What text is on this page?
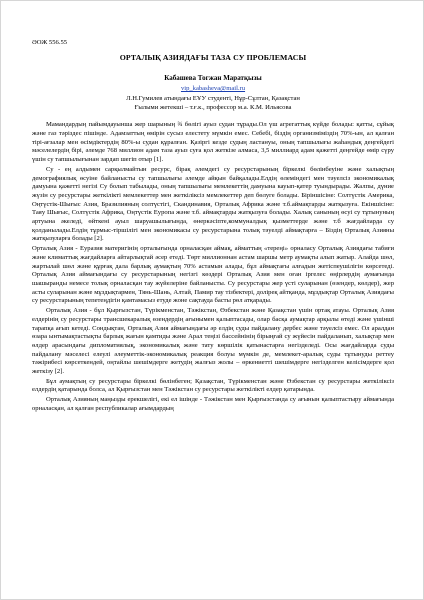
ӘОЖ 556.55
ОРТАЛЫҚ АЗИЯДАҒЫ ТАЗА СУ ПРОБЛЕМАСЫ
Кабашева Тогжан Маратқызы
vip_kabasheva@mail.ru
Л.Н.Гумилев атындағы ЕҰУ студенті, Нұр-Сұлтан, Қазақстан
Ғылыми жетекші – т.ғ.к., профессор м.а. К.М. Ильясова

Мамандардың пайымдауынша жер шарының ¾ бөлігі ауыз судан тұрады.Ол үш агрегаттық күйде болады: қатты, сұйық және газ тәріздес пішінде. Адамзаттың өмірін сусыз елестету мүмкін емес. Себебі, біздің организміміздің 70%-ын, ал қалған тірі-ағзалар мен өсімдіктердің 80%-ы судан құралған. Қазіргі кезде судың ластануы, оның тапшылығы жаһандық деңгейдегі мәселелердің бірі, әлемде 768 миллион адам таза ауыз суға қол жеткізе алмаса, 3,5 миллиард адам қажетті деңгейде өмір сүру үшін су тапшылығынан зардап шегіп отыр [1].

Су - ең алдымен сарқылмайтын ресурс, бірақ әлемдегі су ресурстарының біркелкі бөлінбеуіне және халықтың демографиялық өсуіне байланысты су тапшылығы әлемде айқын байқалады.Елдің өлеміндегі мен тәуелсіз экономикалық дамуына қажетті негізі Су болып табылады, оның тапшылығы мемлекеттің дамуына кауып-қатер туындырады. Жалпы, дүние жүзін су ресурстары жеткілікті мемлекеттер мен жеткіліксіз мемлекеттер деп бөлуге болады. Біріншісіне: Солтүстік Америка, Оңтүстік-Шығыс Азия, Бразилияның солтүстігі, Скандинавия, Орталық Африка және т.б.аймақтарды жатқызуға. Екіншісіне: Таяу Шығыс, Солтүстік Африка, Оңтүстік Еуропа және т.б. аймақтарды жатқызуға болады. Халық санының өсуі су тұтынуның артуына әкеледі, өйткені ауыл шаруашылығында, өнеркәсіпте,коммуналдық қызметтерде және т.б жағдайларда су қолданылады.Елдің тұрмыс-тіршілігі мен экономикасы су ресурстарына толық тәуелді аймақтарға – Біздің Орталық Азияны жатқызуларға болады [2].

Орталық Азия - Еуразия материгінің орталығында орналасқан аймақ, айматтың «тереңі» орналасу Орталық Азиядағы табиғи және климаттық жағдайларға айтарлықтай әсер етеді. Төрт миллионнан астам шаршы метр аумақты алып жатыр. Алайда шөл, жартылай шөл және құрғақ дала барлық аумақтың 70% астамын алады, бұл аймақтағы алғадын жетіспеушілігін көрсетеді. Орталық Азия аймағындағы су ресурстарының негізгі көздері Орталық Азия мен оған іргелес өңірлердің аумағында шашыранды немесе толық орналасқан тау жүйелеріне байланысты. Су ресурстары жер үсті суларынан (өзендер, көлдер), жер асты суларынан және мұздықтармен, Тянь-Шань, Алтай, Памир тау тізбектері, доліреқ айтқанда, мұздықтар Орталық Азиядағы су ресурстарының тепетеңдігін қамтамасыз етуде жоне сақтауда басты рөл атқарады.

Орталық Азия - бұл Қырғызстан, Түрікменстан, Тәжікстан, Өзбекстан және Қазақстан үшін ортақ атауы. Орталық Азия елдерінің су ресурстары трансшекаралық өзендердің ағынымен қалыптасады, олар басқа аумақтар арқылы өтеді және үшінші тарапқа ағып кетеді. Сондықтан, Орталық Азия аймағындағы әр елдің суды пайдалану дербес және тәуелсіз емес. Ол аралдан өзара ынтымақтастықты барлық жағын қамтиды және Арал теңізі бассейнінің бірыңғай су жүйесін пайдаланып, халықтар мен өлдер арасындағы дипломатиялық, экономикалық және тату көршілік қатынастарға негізделеді. Осы жағдайларда суды пайдалану мәселесі елеулі әлеуметтік-экономикалық реакция болуы мүмкін де, мемлекет-аралық суды тұтынуды реттеу тәжірибесі көрсеткендей, оңтайлы шешімдерге жетудің жалғыз жолы – өркениетті шешімдерге негізделген келісімдерге қол жеткізу [2].

Бұл аумақтың су ресурстары біркелкі бөлінбеген; Қазақстан, Түрікменстан және Өзбекстан су ресурстары жеткіліксіз елдердің қатарында болса, ал Қырғызстан мен Тәжікстан су ресурстары жеткілікті елдер қатарында.

Орталық Азияның маңызды ерекшелігі, екі ел ішінде - Тәжікстан мен Қырғызстанда су ағынын қалыптастыру аймағында орналасқан, ал қалған республикалар ағымдардың
